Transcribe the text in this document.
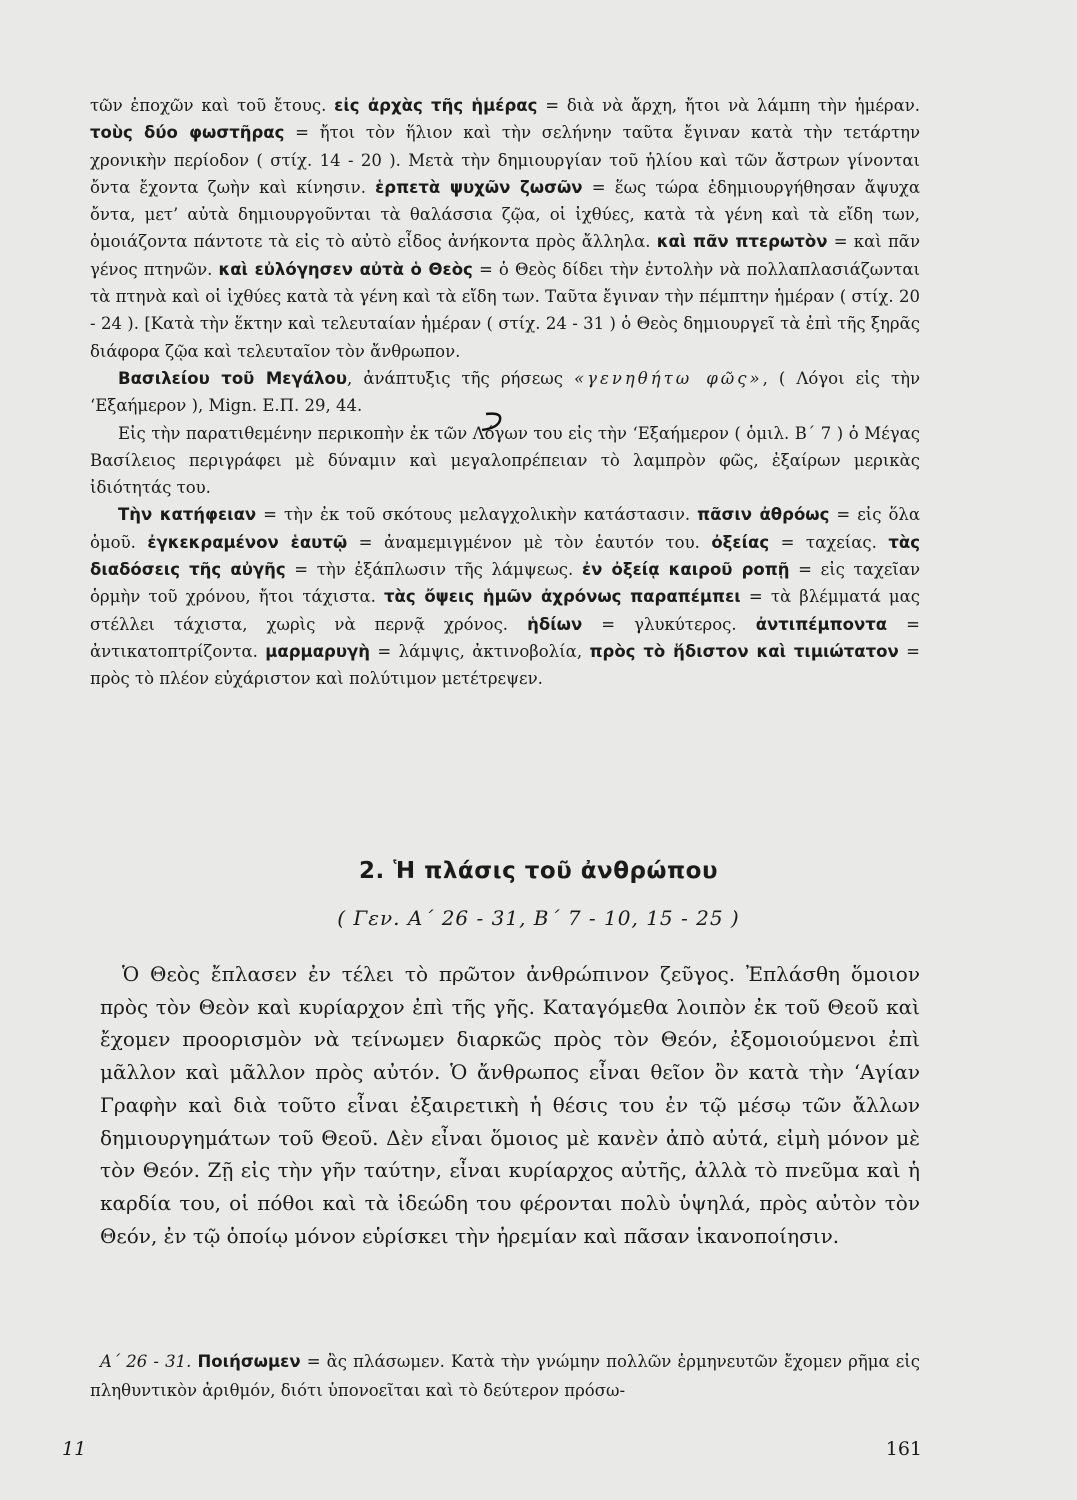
τῶν ἐποχῶν καὶ τοῦ ἔτους. εἰς ἀρχὰς τῆς ἡμέρας = διὰ νὰ ἄρχη, ἤτοι νὰ λάμπη τὴν ἡμέραν. τοὺς δύο φωστῆρας = ἤτοι τὸν ἥλιον καὶ τὴν σελήνην ταῦτα ἔγιναν κατὰ τὴν τετάρτην χρονικὴν περίοδον ( στίχ. 14 - 20 ). Μετὰ τὴν δημιουργίαν τοῦ ἡλίου καὶ τῶν ἄστρων γίνονται ὄντα ἔχοντα ζωὴν καὶ κίνησιν. ἑρπετὰ ψυχῶν ζωσῶν = ἕως τώρα ἐδημιουργήθησαν ἄψυχα ὄντα, μετ’ αὐτὰ δημιουργοῦνται τὰ θαλάσσια ζῷα, οἱ ἰχθύες, κατὰ τὰ γένη καὶ τὰ εἴδη των, ὁμοιάζοντα πάντοτε τὰ εἰς τὸ αὐτὸ εἶδος ἀνήκοντα πρὸς ἄλληλα. καὶ πᾶν πτερωτὸν = καὶ πᾶν γένος πτηνῶν. καὶ εὐλόγησεν αὐτὰ ὁ Θεὸς = ὁ Θεὸς δίδει τὴν ἐντολὴν νὰ πολλαπλασιάζωνται τὰ πτηνὰ καὶ οἱ ἰχθύες κατὰ τὰ γένη καὶ τὰ εἴδη των. Ταῦτα ἔγιναν τὴν πέμπτην ἡμέραν ( στίχ. 20 - 24 ). [Κατὰ τὴν ἕκτην καὶ τελευταίαν ἡμέραν ( στίχ. 24 - 31 ) ὁ Θεὸς δημιουργεῖ τὰ ἐπὶ τῆς ξηρᾶς διάφορα ζῷα καὶ τελευταῖον τὸν ἄνθρωπον.

Βασιλείου τοῦ Μεγάλου, ἀνάπτυξις τῆς ρήσεως «γενηθήτω φῶς», ( Λόγοι εἰς τὴν ‘Εξαήμερον ), Mign. Ε.Π. 29, 44.

Εἰς τὴν παρατιθεμένην περικοπὴν ἐκ τῶν Λόγων του εἰς τὴν ‘Εξαήμερον ( ὁμιλ. Β΄ 7 ) ὁ Μέγας Βασίλειος περιγράφει μὲ δύναμιν καὶ μεγαλοπρέπειαν τὸ λαμπρὸν φῶς, ἐξαίρων μερικὰς ἰδιότητάς του.

Τὴν κατήφειαν = τὴν ἐκ τοῦ σκότους μελαγχολικὴν κατάστασιν. πᾶσιν ἀθρόως = εἰς ὅλα ὁμοῦ. ἐγκεκραμένον ἑαυτῷ = ἀναμεμιγμένον μὲ τὸν ἑαυτόν του. ὀξείας = ταχείας. τὰς διαδόσεις τῆς αὐγῆς = τὴν ἐξάπλωσιν τῆς λάμψεως. ἐν ὀξείᾳ καιροῦ ροπῇ = εἰς ταχεῖαν ὁρμὴν τοῦ χρόνου, ἤτοι τάχιστα. τὰς ὄψεις ἡμῶν ἀχρόνως παραπέμπει = τὰ βλέμματά μας στέλλει τάχιστα, χωρὶς νὰ περνᾷ χρόνος. ἡδίων = γλυκύτερος. ἀντιπέμποντα = ἀντικατοπτρίζοντα. μαρμαρυγὴ = λάμψις, ἀκτινοβολία, πρὸς τὸ ἥδιστον καὶ τιμιώτατον = πρὸς τὸ πλέον εὐχάριστον καὶ πολύτιμον μετέτρεψεν.

2. Ἡ πλάσις τοῦ ἀνθρώπου
( Γεν. Α΄ 26 - 31, Β΄ 7 - 10, 15 - 25 )

Ὁ Θεὸς ἔπλασεν ἐν τέλει τὸ πρῶτον ἀνθρώπινον ζεῦγος. Ἐπλάσθη ὅμοιον πρὸς τὸν Θεὸν καὶ κυρίαρχον ἐπὶ τῆς γῆς. Καταγόμεθα λοιπὸν ἐκ τοῦ Θεοῦ καὶ ἔχομεν προορισμὸν νὰ τείνωμεν διαρκῶς πρὸς τὸν Θεόν, ἐξομοιούμενοι ἐπὶ μᾶλλον καὶ μᾶλλον πρὸς αὐτόν. Ὁ ἄνθρωπος εἶναι θεῖον ὂν κατὰ τὴν ‘Αγίαν Γραφὴν καὶ διὰ τοῦτο εἶναι ἐξαιρετικὴ ἡ θέσις του ἐν τῷ μέσῳ τῶν ἄλλων δημιουργημάτων τοῦ Θεοῦ. Δὲν εἶναι ὅμοιος μὲ κανὲν ἀπὸ αὐτά, εἰμὴ μόνον μὲ τὸν Θεόν. Ζῇ εἰς τὴν γῆν ταύτην, εἶναι κυρίαρχος αὐτῆς, ἀλλὰ τὸ πνεῦμα καὶ ἡ καρδία του, οἱ πόθοι καὶ τὰ ἰδεώδη του φέρονται πολὺ ὑψηλά, πρὸς αὐτὸν τὸν Θεόν, ἐν τῷ ὁποίῳ μόνον εὑρίσκει τὴν ἠρεμίαν καὶ πᾶσαν ἱκανοποίησιν.

Α΄ 26 - 31. Ποιήσωμεν = ἂς πλάσωμεν. Κατὰ τὴν γνώμην πολλῶν ἑρμηνευτῶν ἔχομεν ρῆμα εἰς πληθυντικὸν ἀριθμόν, διότι ὑπονοεῖται καὶ τὸ δεύτερον πρόσω-

11	161
